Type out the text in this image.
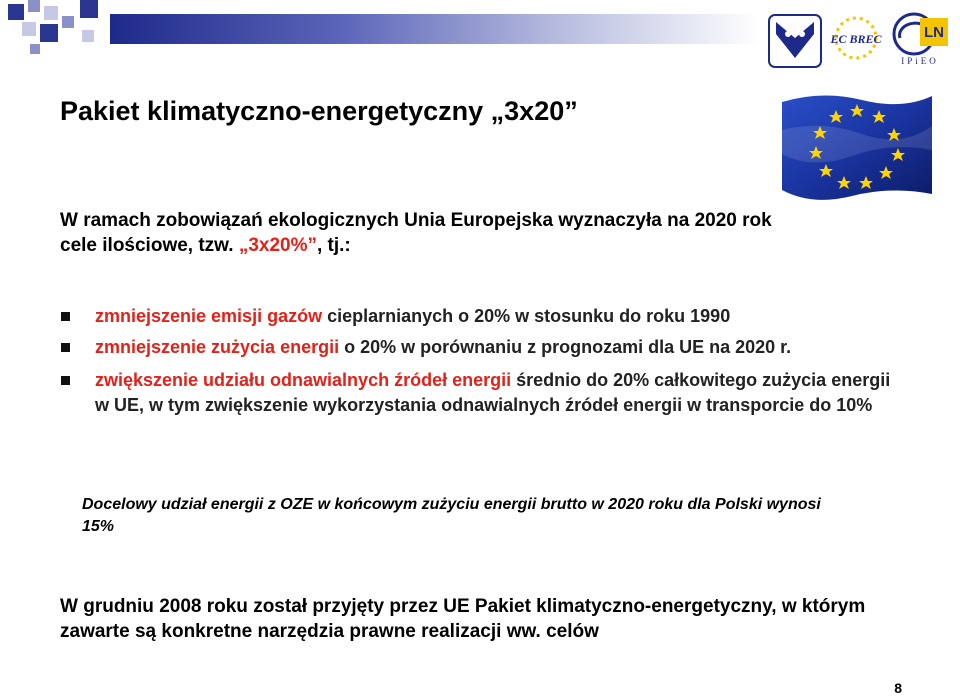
EC BREC	LN
IPiEO
Pakiet klimatyczno-energetyczny „3x20”
W ramach zobowiązań ekologicznych Unia Europejska wyznaczyła na 2020 rok cele ilościowe, tzw. „3x20%”, tj.:
zmniejszenie emisji gazów cieplarnianych o 20% w stosunku do roku 1990
zmniejszenie zużycia energii o 20% w porównaniu z prognozami dla UE na 2020 r.
zwiększenie udziału odnawialnych źródeł energii średnio do 20% całkowitego zużycia energii w UE, w tym zwiększenie wykorzystania odnawialnych źródeł energii w transporcie do 10%
Docelowy udział energii z OZE w końcowym zużyciu energii brutto w 2020 roku dla Polski wynosi 15%
W grudniu 2008 roku został przyjęty przez UE Pakiet klimatyczno-energetyczny, w którym zawarte są konkretne narzędzia prawne realizacji ww. celów
8
